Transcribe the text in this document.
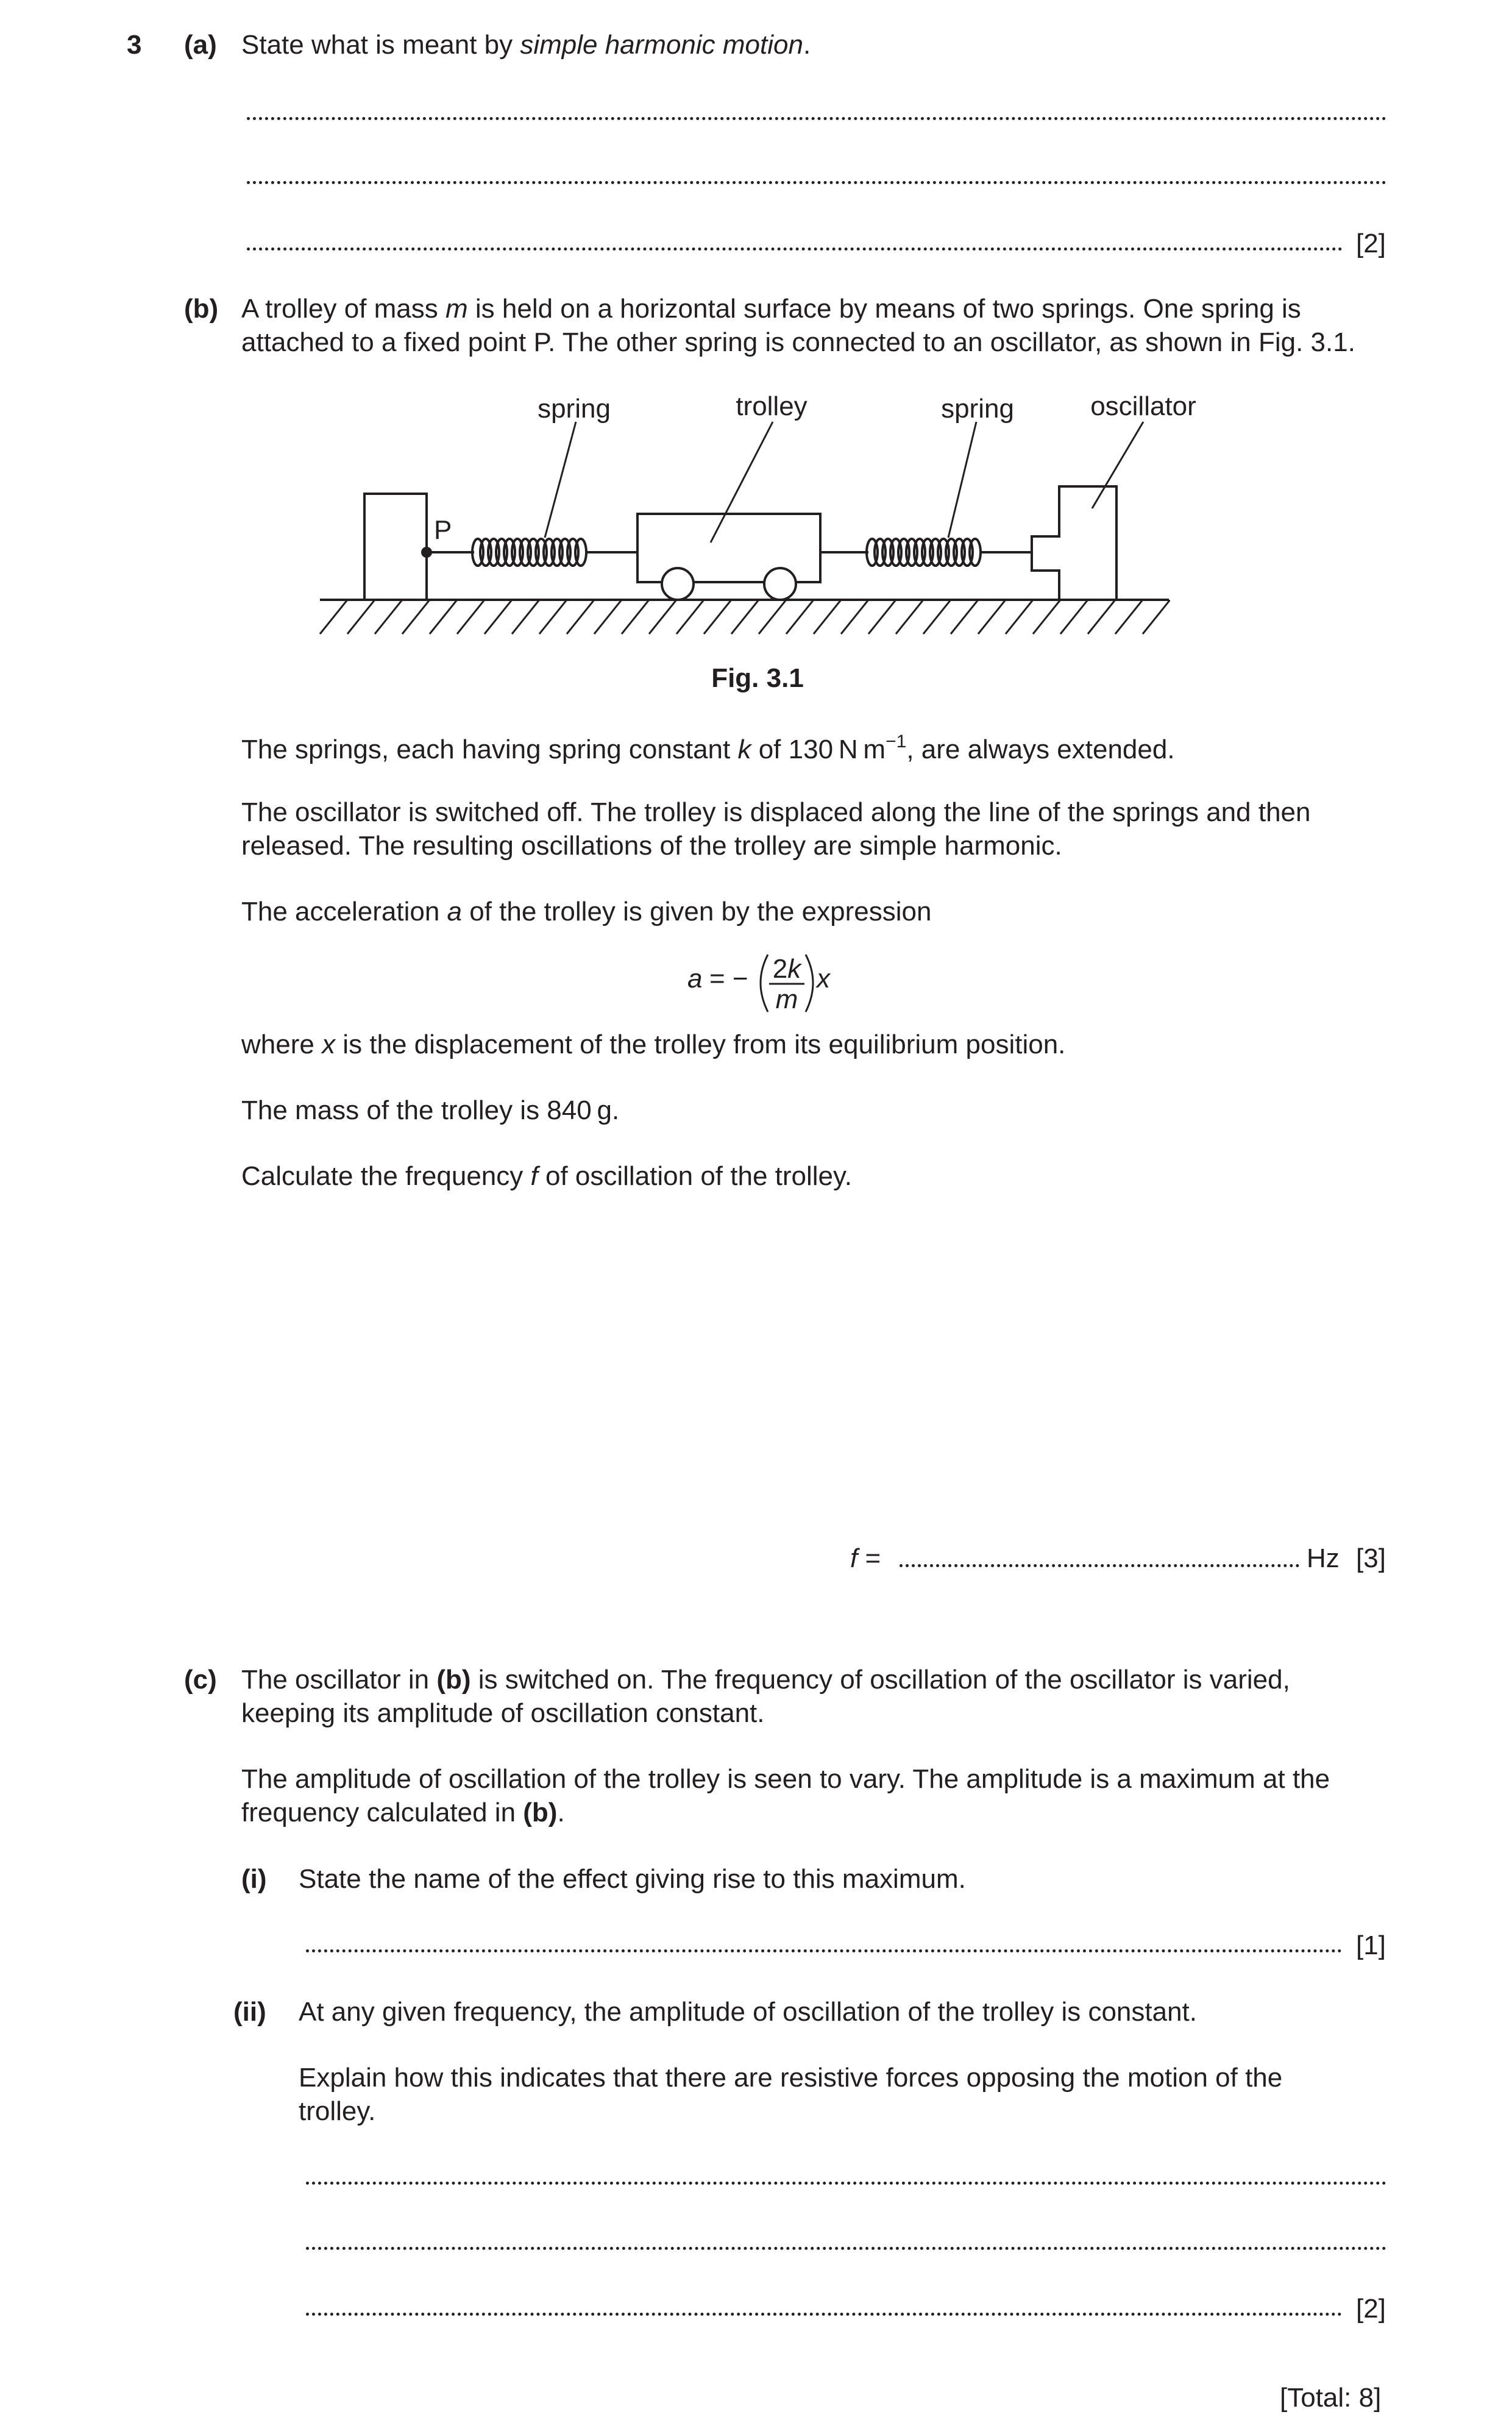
3 (a) State what is meant by simple harmonic motion.
[2]
(b) A trolley of mass m is held on a horizontal surface by means of two springs. One spring is
attached to a fixed point P. The other spring is connected to an oscillator, as shown in Fig. 3.1.
spring	trolley	spring	oscillator
P
Fig. 3.1
The springs, each having spring constant k of 130 N $m^{-1}$, are always extended.
The oscillator is switched off. The trolley is displaced along the line of the springs and then
released. The resulting oscillations of the trolley are simple harmonic.
The acceleration a of the trolley is given by the expression
a = − 2k
m
x
where x is the displacement of the trolley from its equilibrium position.
The mass of the trolley is 840 g.
Calculate the frequency f of oscillation of the trolley.
f =	Hz [3]
(c) The oscillator in (b) is switched on. The frequency of oscillation of the oscillator is varied,
keeping its amplitude of oscillation constant.
The amplitude of oscillation of the trolley is seen to vary. The amplitude is a maximum at the
frequency calculated in (b).
(i) State the name of the effect giving rise to this maximum.
[1]
(ii) At any given frequency, the amplitude of oscillation of the trolley is constant.
Explain how this indicates that there are resistive forces opposing the motion of the
trolley.
[2]
[Total: 8]
